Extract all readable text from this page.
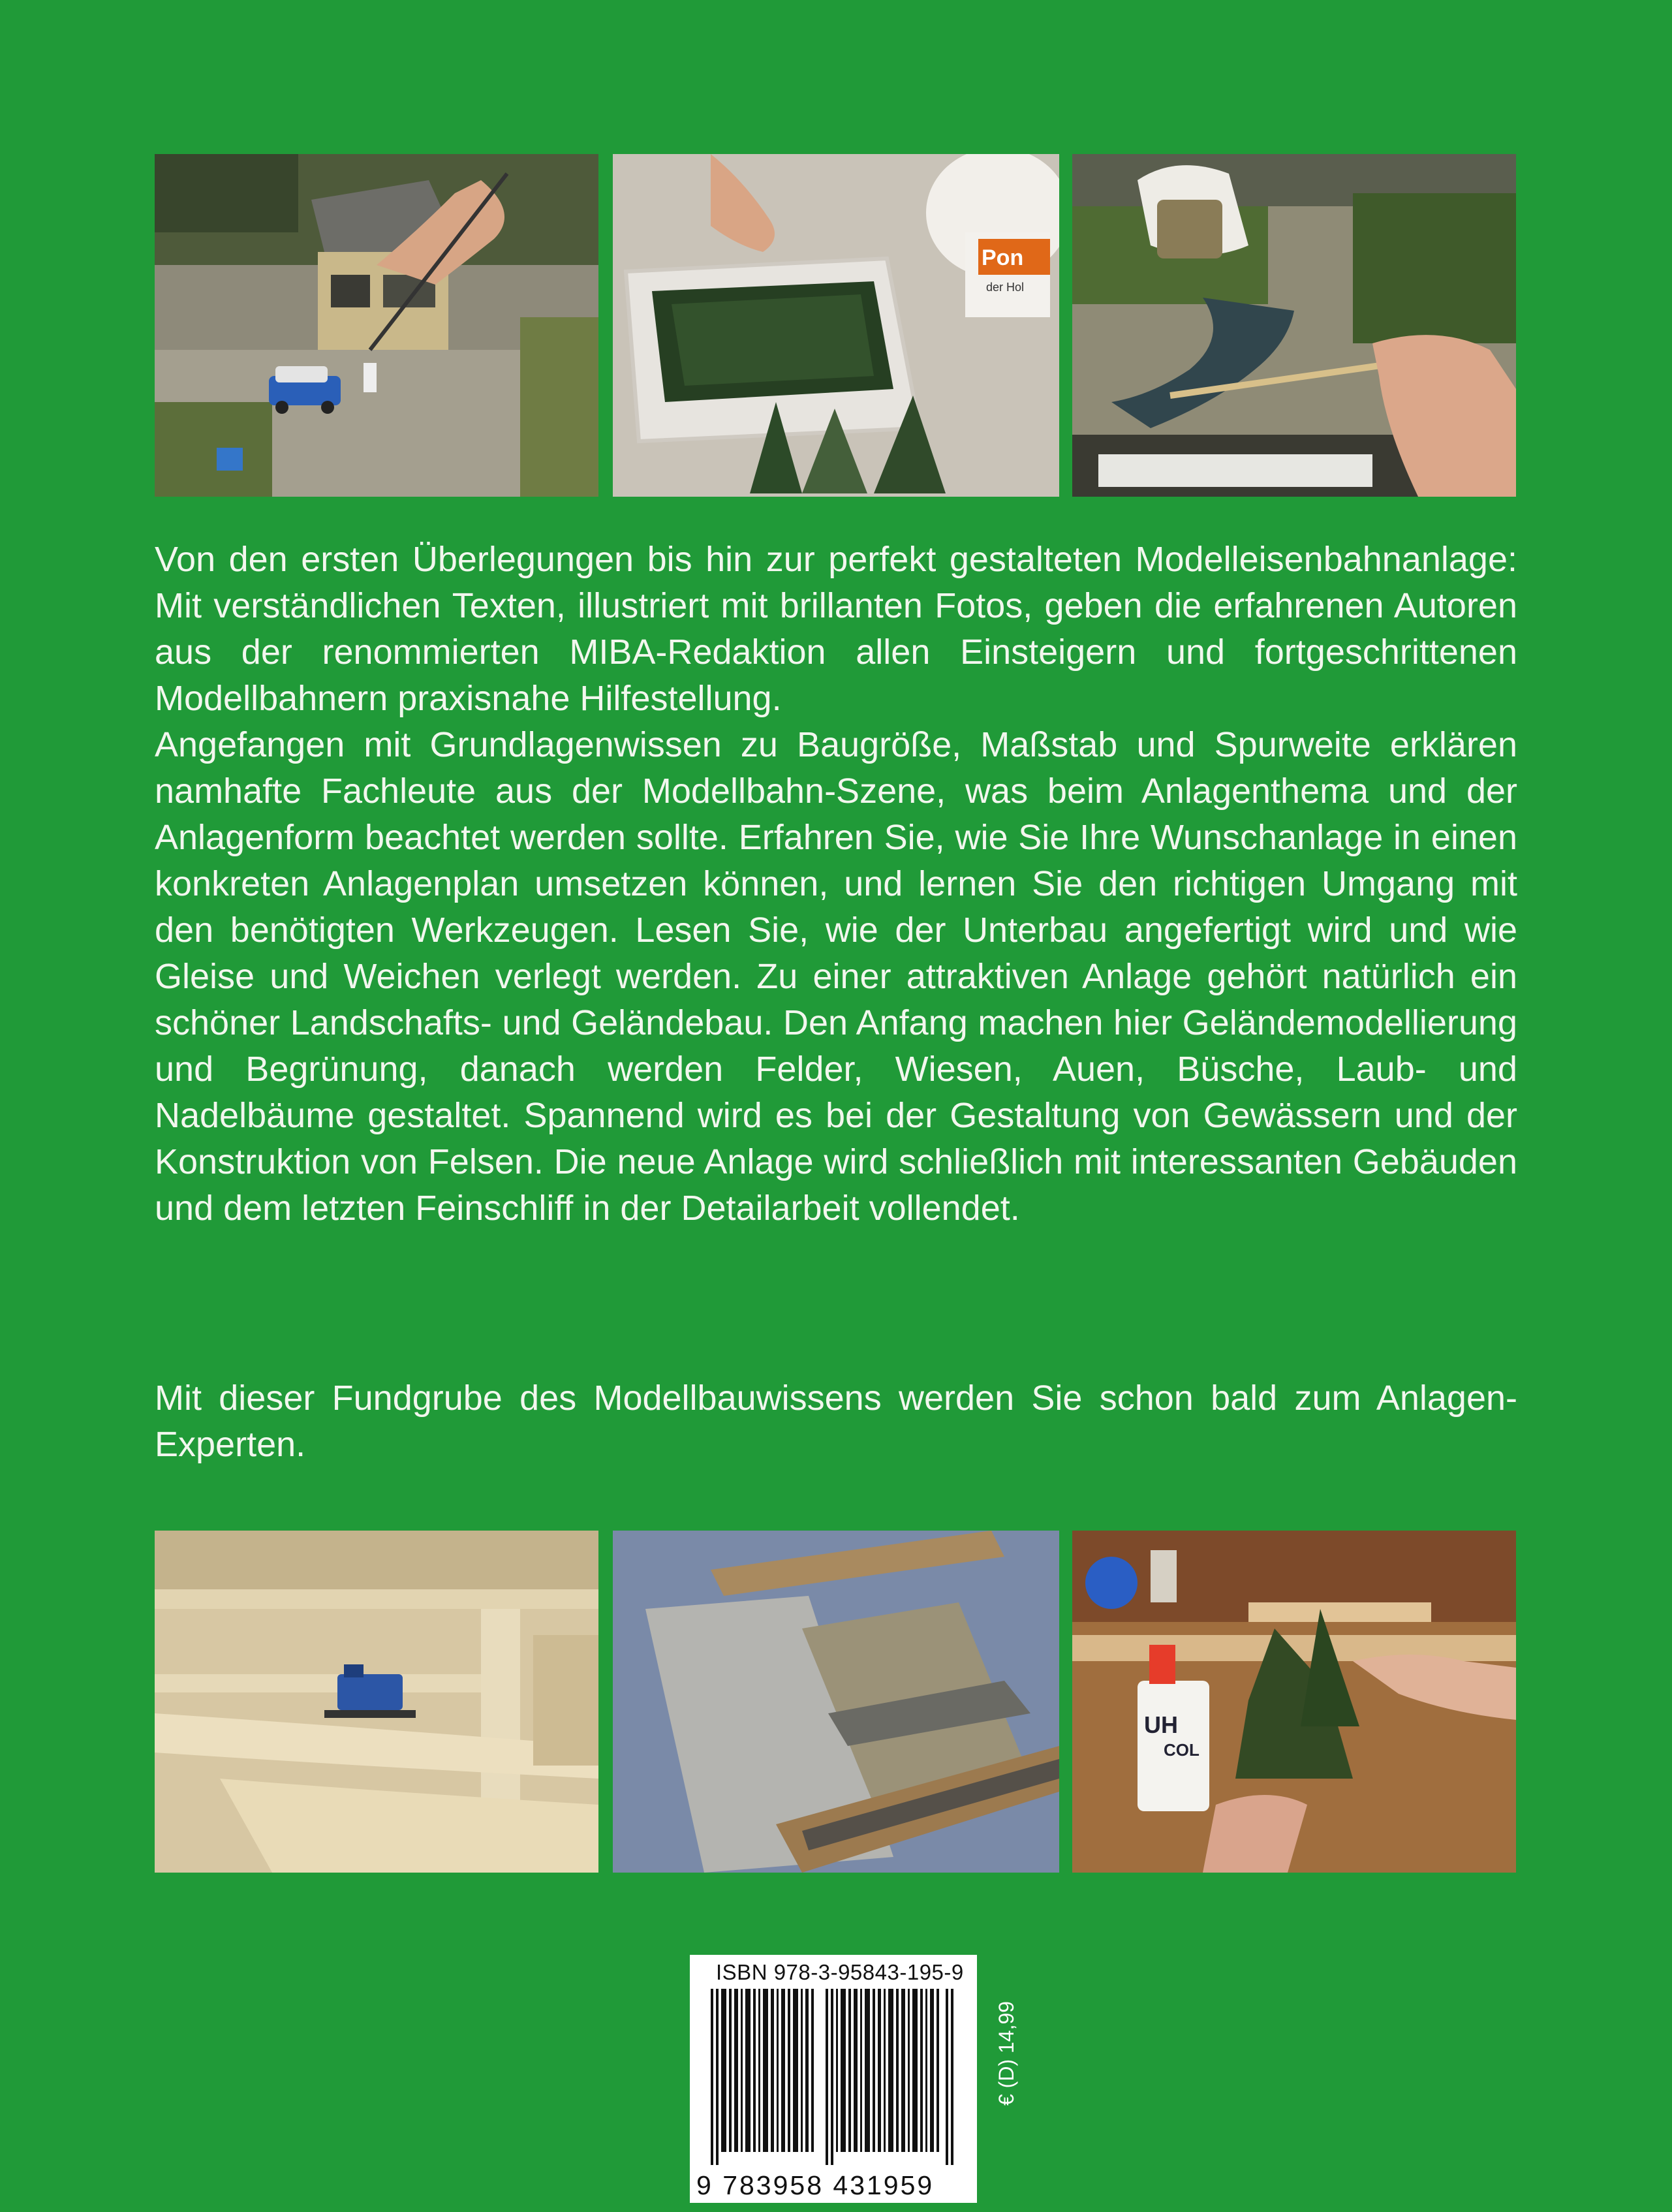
Pon
der Hol

Von den ersten Überlegungen bis hin zur perfekt gestalteten Modelleisenbahnanlage: Mit verständlichen Texten, illustriert mit brillanten Fotos, geben die erfahrenen Autoren aus der renommierten MIBA-Redaktion allen Einsteigern und fortgeschrittenen Modellbahnern praxisnahe Hilfestellung.

Angefangen mit Grundlagenwissen zu Baugröße, Maßstab und Spurweite erklären namhafte Fachleute aus der Modellbahn-Szene, was beim Anlagenthema und der Anlagenform beachtet werden sollte. Erfahren Sie, wie Sie Ihre Wunschanlage in einen konkreten Anlagenplan umsetzen können, und lernen Sie den richtigen Umgang mit den benötigten Werkzeugen. Lesen Sie, wie der Unterbau angefertigt wird und wie Gleise und Weichen verlegt werden. Zu einer attraktiven Anlage gehört natürlich ein schöner Landschafts- und Geländebau. Den Anfang machen hier Geländemodellierung und Begrünung, danach werden Felder, Wiesen, Auen, Büsche, Laub- und Nadelbäume gestaltet. Spannend wird es bei der Gestaltung von Gewässern und der Konstruktion von Felsen. Die neue Anlage wird schließlich mit interessanten Gebäuden und dem letzten Feinschliff in der Detailarbeit vollendet.

Mit dieser Fundgrube des Modellbauwissens werden Sie schon bald zum Anlagen-Experten.

UH
COL
ISBN 978-3-95843-195-9
9 783958 431959
€ (D) 14,99
